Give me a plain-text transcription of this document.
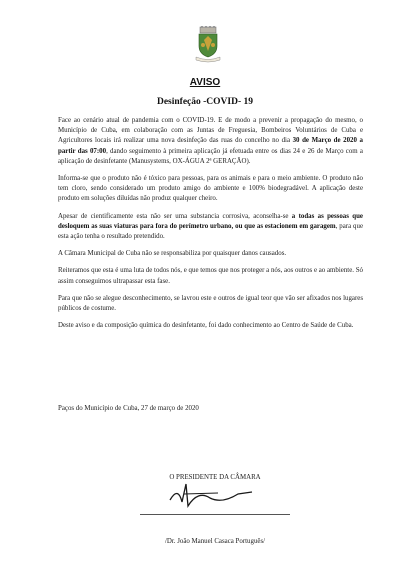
AVISO
Desinfeção -COVID- 19

Face ao cenário atual de pandemia com o COVID-19. E de modo a prevenir a propagação do mesmo, o Município de Cuba, em colaboração com as Juntas de Freguesia, Bombeiros Voluntários de Cuba e Agricultores locais irá realizar uma nova desinfeção das ruas do concelho no dia 30 de Março de 2020 a partir das 07:00, dando seguimento à primeira aplicação já efetuada entre os dias 24 e 26 de Março com a aplicação de desinfetante (Manusystems, OX-ÁGUA 2ª GERAÇÃO).

Informa-se que o produto não é tóxico para pessoas, para os animais e para o meio ambiente. O produto não tem cloro, sendo considerado um produto amigo do ambiente e 100% biodegradável. A aplicação deste produto em soluções diluídas não produz qualquer cheiro.

Apesar de cientificamente esta não ser uma substancia corrosiva, aconselha-se a todas as pessoas que desloquem as suas viaturas para fora do perímetro urbano, ou que as estacionem em garagem, para que esta ação tenha o resultado pretendido.

A Câmara Municipal de Cuba não se responsabiliza por quaisquer danos causados.

Reiteramos que esta é uma luta de todos nós, e que temos que nos proteger a nós, aos outros e ao ambiente. Só assim conseguimos ultrapassar esta fase.

Para que não se alegue desconhecimento, se lavrou este e outros de igual teor que vão ser afixados nos lugares públicos de costume.

Deste aviso e da composição química do desinfetante, foi dado conhecimento ao Centro de Saúde de Cuba.

Paços do Município de Cuba, 27 de março de 2020
O PRESIDENTE DA CÂMARA
/Dr. João Manuel Casaca Português/
